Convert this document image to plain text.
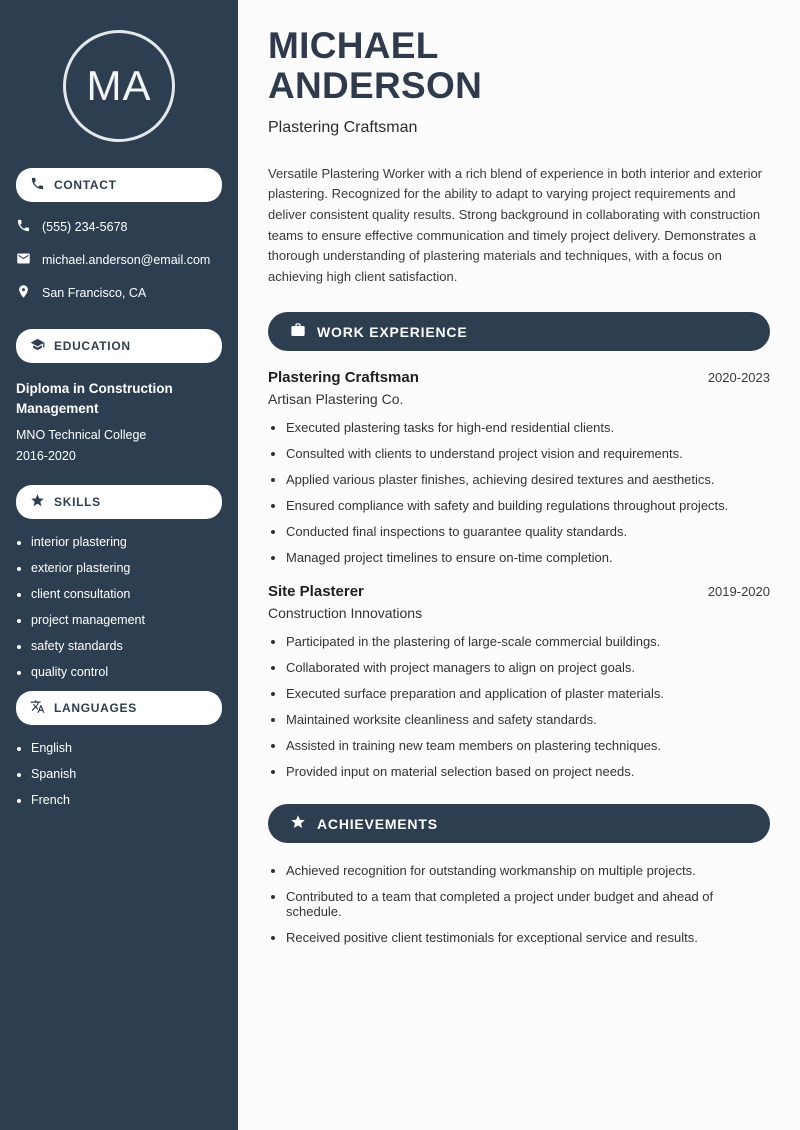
MA
CONTACT
(555) 234-5678
michael.anderson@email.com
San Francisco, CA
EDUCATION
Diploma in Construction Management
MNO Technical College
2016-2020
SKILLS
• interior plastering
• exterior plastering
• client consultation
• project management
• safety standards
• quality control
LANGUAGES
• English
• Spanish
• French
MICHAEL
ANDERSON
Plastering Craftsman

Versatile Plastering Worker with a rich blend of experience in both interior and exterior plastering. Recognized for the ability to adapt to varying project requirements and deliver consistent quality results. Strong background in collaborating with construction teams to ensure effective communication and timely project delivery. Demonstrates a thorough understanding of plastering materials and techniques, with a focus on achieving high client satisfaction.

WORK EXPERIENCE
Plastering Craftsman	2020-2023
Artisan Plastering Co.
• Executed plastering tasks for high-end residential clients.
• Consulted with clients to understand project vision and requirements.
• Applied various plaster finishes, achieving desired textures and aesthetics.
• Ensured compliance with safety and building regulations throughout projects.
• Conducted final inspections to guarantee quality standards.
• Managed project timelines to ensure on-time completion.
Site Plasterer	2019-2020
Construction Innovations
• Participated in the plastering of large-scale commercial buildings.
• Collaborated with project managers to align on project goals.
• Executed surface preparation and application of plaster materials.
• Maintained worksite cleanliness and safety standards.
• Assisted in training new team members on plastering techniques.
• Provided input on material selection based on project needs.
ACHIEVEMENTS
• Achieved recognition for outstanding workmanship on multiple projects.
• Contributed to a team that completed a project under budget and ahead of schedule.
• Received positive client testimonials for exceptional service and results.
